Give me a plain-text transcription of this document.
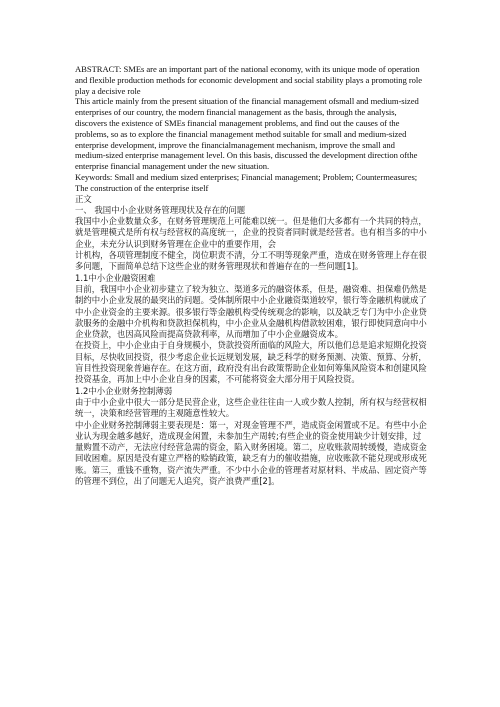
ABSTRACT: SMEs are an important part of the national economy, with its unique mode of operation and flexible production methods for economic development and social stability plays a promoting role play a decisive role

This article mainly from the present situation of the financial management ofsmall and medium-sized enterprises of our country, the modern financial management as the basis, through the analysis, discovers the existence of SMEs financial management problems, and find out the causes of the problems, so as to explore the financial management method suitable for small and medium-sized enterprise development, improve the financialmanagement mechanism, improve the small and medium-sized enterprise management level. On this basis, discussed the development direction ofthe enterprise financial management under the new situation.

Keywords: Small and medium sized enterprises; Financial management; Problem; Countermeasures; The construction of the enterprise itself

正文

一、 我国中小企业财务管理现状及存在的问题

我国中小企业数量众多，在财务管理规范上可能难以统一。但是他们大多都有一个共同的特点，就是管理模式是所有权与经营权的高度统一，企业的投资者同时就是经营者。也有相当多的中小企业，未充分认识到财务管理在企业中的重要作用，会

计机构，各项管理制度不健全，岗位职责不清，分工不明等现象严重，造成在财务管理上存在很多问题，下面简单总结下这些企业的财务管理现状和普遍存在的一些问题[1]。

1.1中小企业融资困难

目前，我国中小企业初步建立了较为独立、渠道多元的融资体系，但是，融资难、担保难仍然是制约中小企业发展的最突出的问题。受体制所限中小企业融资渠道较窄，银行等金融机构就成了中小企业资金的主要来源。很多银行等金融机构受传统观念的影响，以及缺乏专门为中小企业贷款服务的金融中介机构和贷款担保机构，中小企业从金融机构借款较困难，银行即使同意向中小企业贷款，也因高风险而提高贷款利率，从而增加了中小企业融资成本。

在投资上，中小企业由于自身规模小，贷款投资所面临的风险大，所以他们总是追求短期化投资目标，尽快收回投资，很少考虑企业长远规划发展，缺乏科学的财务预测、决策、预算、分析，盲目性投资现象普遍存在。在这方面，政府没有出台政策帮助企业如何筹集风险资本和创建风险投资基金，再加上中小企业自身的因素，不可能将资金大部分用于风险投资。

1.2中小企业财务控制薄弱

由于中小企业中很大一部分是民营企业，这些企业往往由一人或少数人控制，所有权与经营权相统一，决策和经营管理的主观随意性较大。

中小企业财务控制薄弱主要表现是：第一，对现金管理不严，造成资金闲置或不足。有些中小企业认为现金越多越好，造成现金闲置，未参加生产周转;有些企业的资金使用缺少计划安排，过量购置不动产，无法应付经营急需的资金，陷入财务困境。第二，应收账款周转缓慢，造成资金回收困难。原因是没有建立严格的赊销政策，缺乏有力的催收措施，应收账款不能兑现或形成死账。第三，重钱不重物，资产流失严重。不少中小企业的管理者对原材料、半成品、固定资产等的管理不到位，出了问题无人追究，资产浪费严重[2]。
